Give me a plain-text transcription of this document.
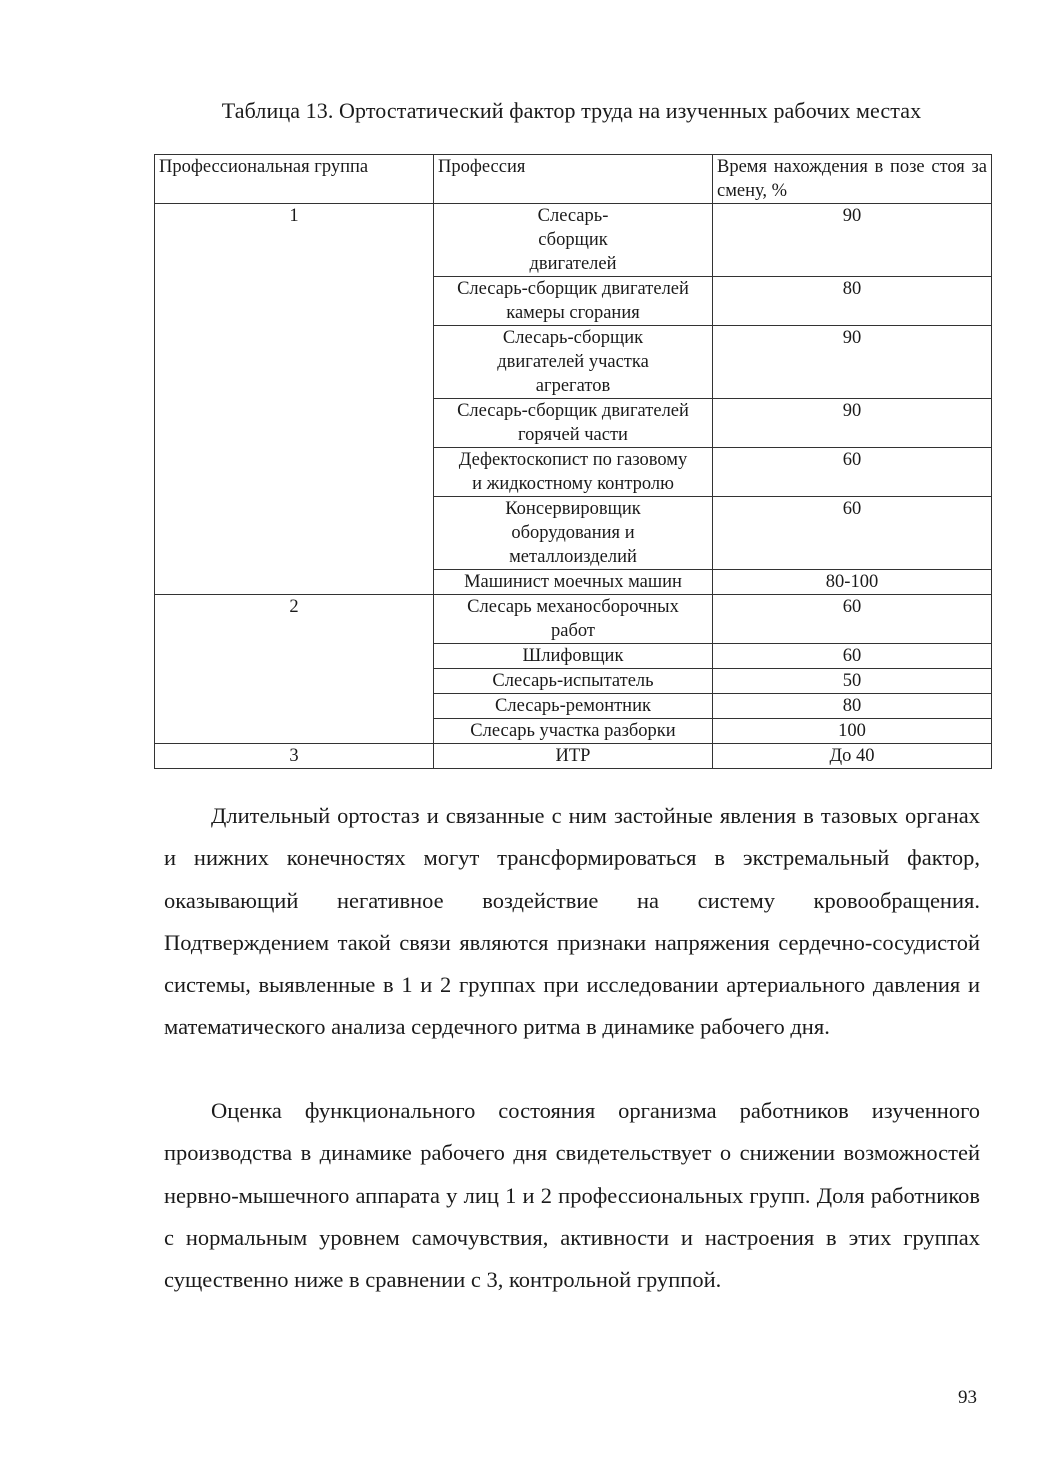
Таблица 13. Ортостатический фактор труда на изученных рабочих местах
Профессиональная группа	Профессия	Время нахождения в позе стоя за смену, %
1	Слесарь-сборщик двигателей	90
	Слесарь-сборщик двигателей камеры сгорания	80
	Слесарь-сборщик двигателей участка агрегатов	90
	Слесарь-сборщик двигателей горячей части	90
	Дефектоскопист по газовому и жидкостному контролю	60
	Консервировщик оборудования и металлоизделий	60
	Машинист моечных машин	80-100
2	Слесарь механосборочных работ	60
	Шлифовщик	60
	Слесарь-испытатель	50
	Слесарь-ремонтник	80
	Слесарь участка разборки	100
3	ИТР	До 40

Длительный ортостаз и связанные с ним застойные явления в тазовых органах и нижних конечностях могут трансформироваться в экстремальный фактор, оказывающий негативное воздействие на систему кровообращения. Подтверждением такой связи являются признаки напряжения сердечно-сосудистой системы, выявленные в 1 и 2 группах при исследовании артериального давления и математического анализа сердечного ритма в динамике рабочего дня.

Оценка функционального состояния организма работников изученного производства в динамике рабочего дня свидетельствует о снижении возможностей нервно-мышечного аппарата у лиц 1 и 2 профессиональных групп. Доля работников с нормальным уровнем самочувствия, активности и настроения в этих группах существенно ниже в сравнении с 3, контрольной группой.

93
